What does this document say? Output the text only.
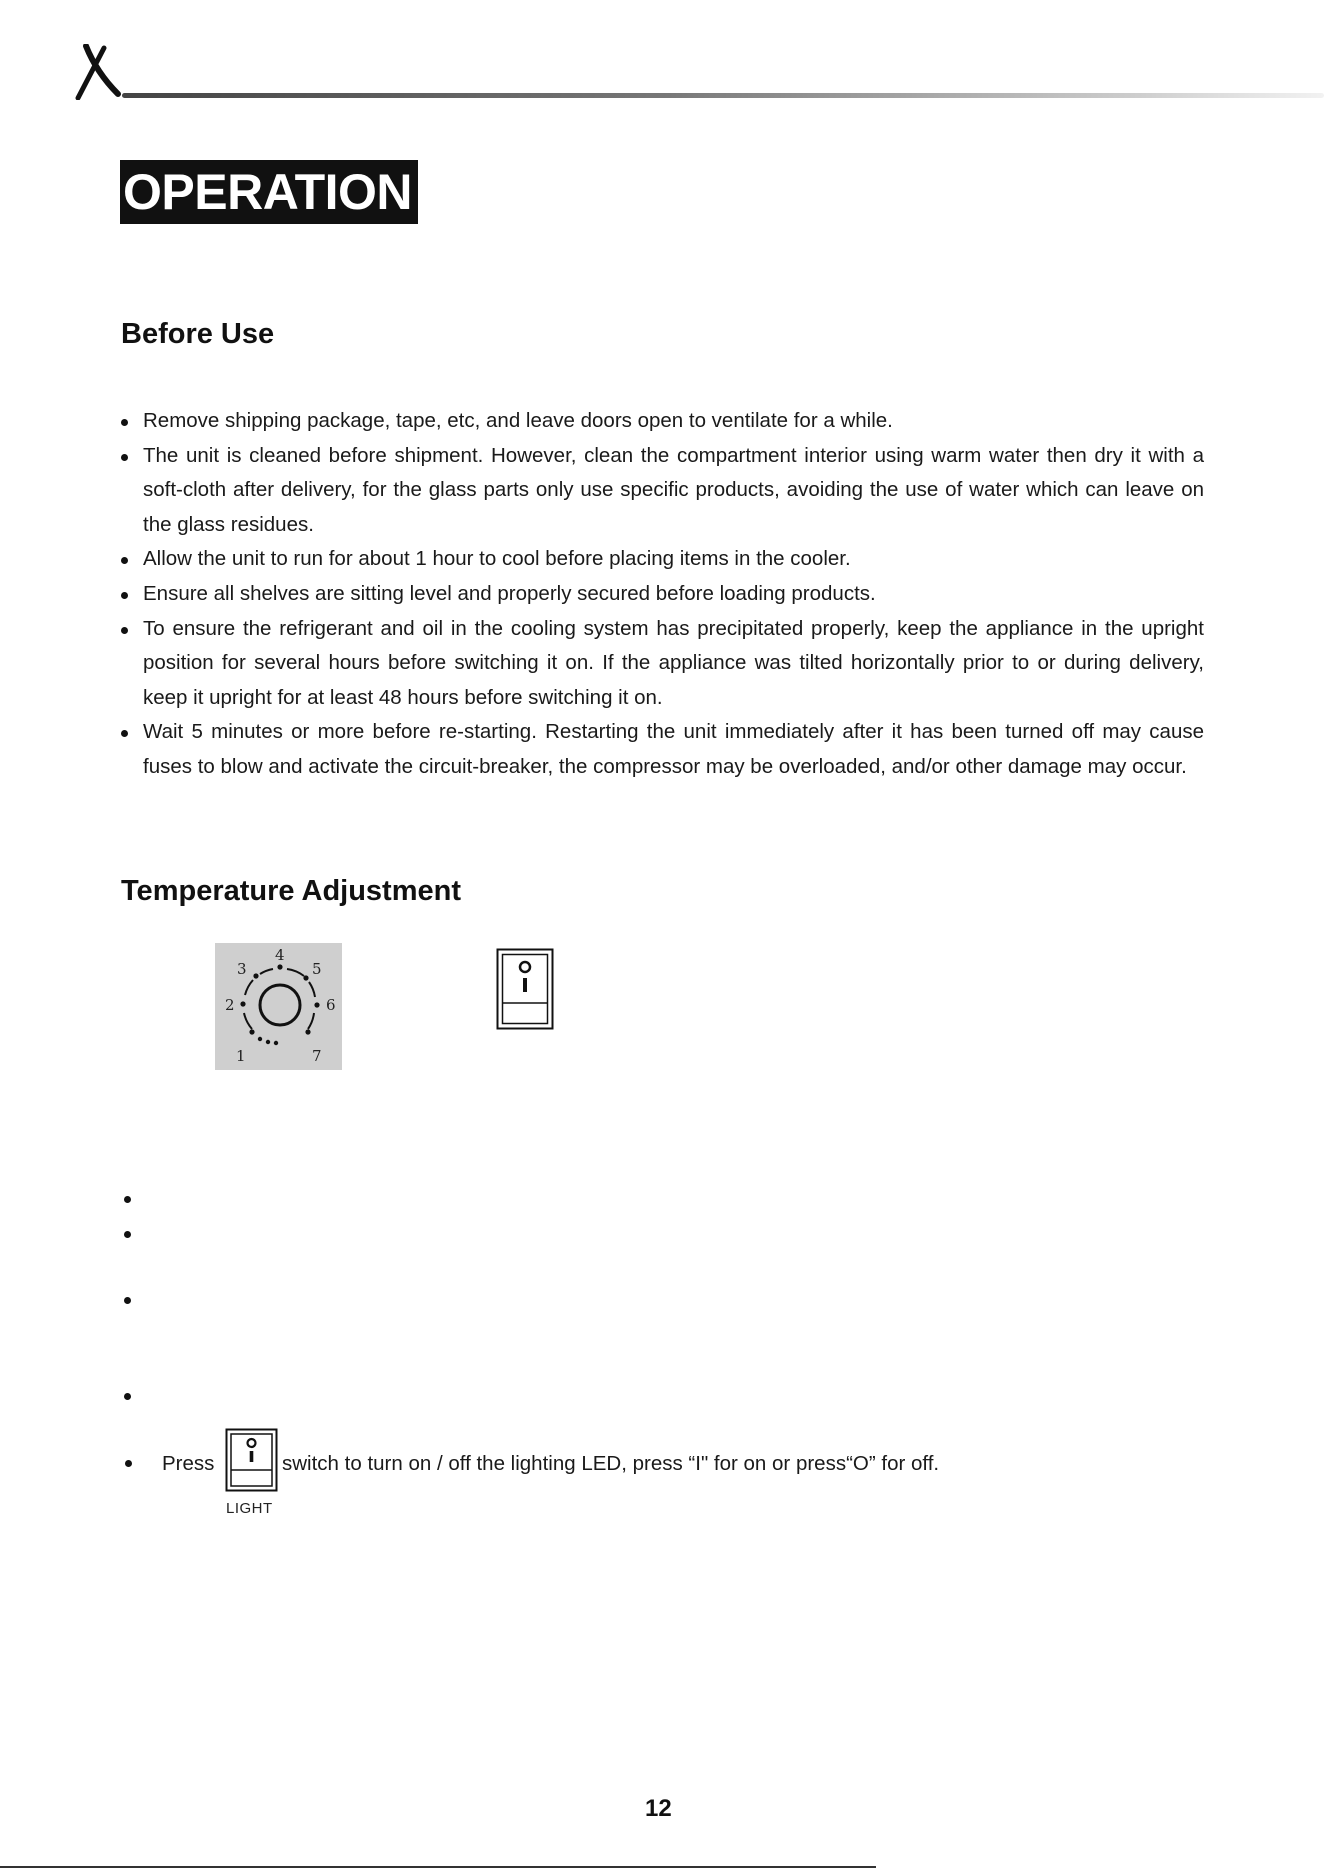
OPERATION
Before Use
Remove shipping package, tape, etc, and leave doors open to ventilate for a while.
The unit is cleaned before shipment. However, clean the compartment interior using warm water then dry it with a soft-cloth after delivery, for the glass parts only use specific products, avoiding the use of water which can leave on the glass residues.
Allow the unit to run for about 1 hour to cool before placing items in the cooler.
Ensure all shelves are sitting level and properly secured before loading products.
To ensure the refrigerant and oil in the cooling system has precipitated properly, keep the appliance in the upright position for several hours before switching it on. If the appliance was tilted horizontally prior to or during delivery, keep it upright for at least 48 hours before switching it on.
Wait 5 minutes or more before re-starting. Restarting the unit immediately after it has been turned off may cause fuses to blow and activate the circuit-breaker, the compressor may be overloaded, and/or other damage may occur.
Temperature Adjustment
1
2
3
4
5
6
7
Press
LIGHT
switch to turn on / off the lighting LED, press “I" for on or press“O” for off.
12
